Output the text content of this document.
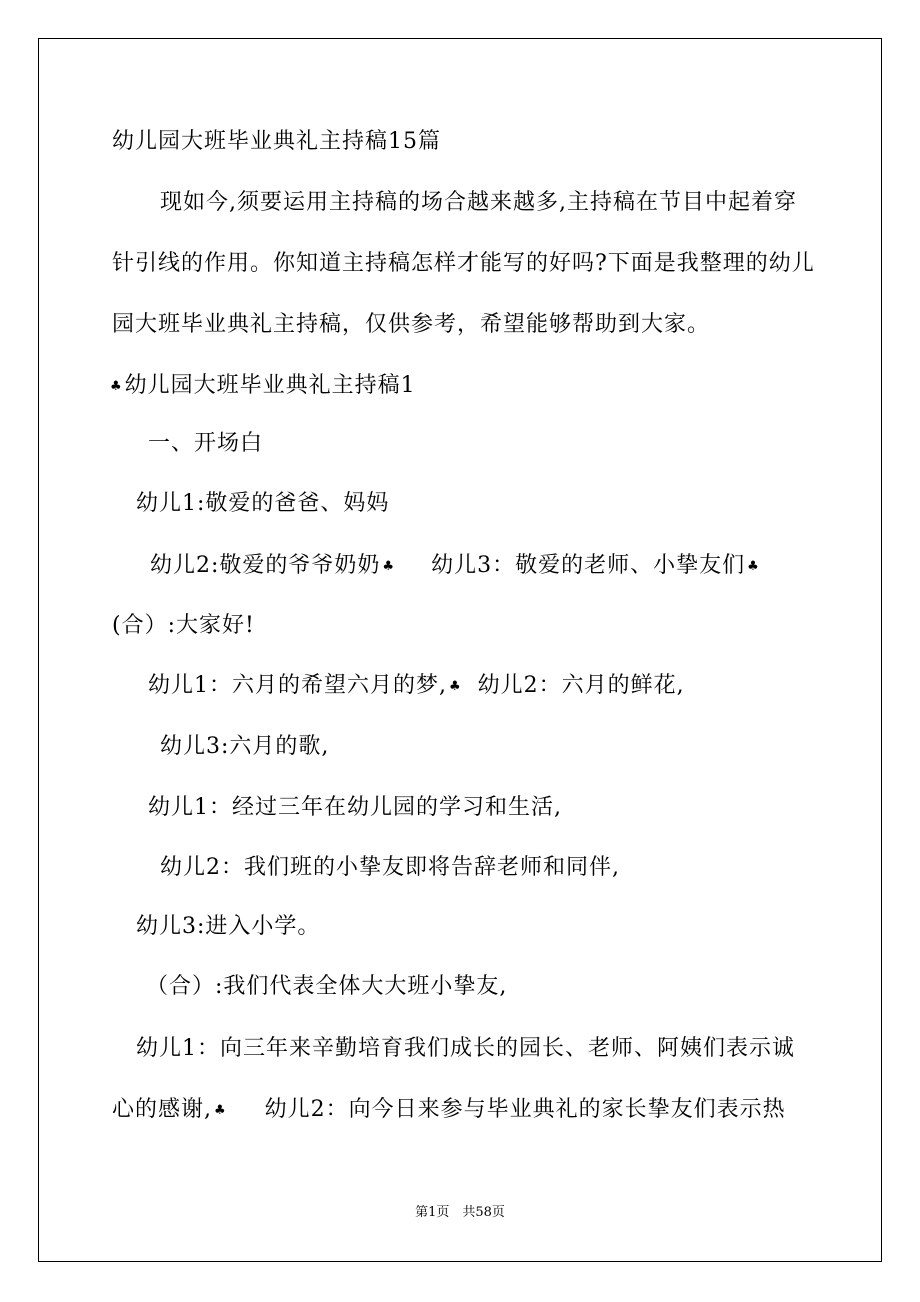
幼儿园大班毕业典礼主持稿15篇
现如今,须要运用主持稿的场合越来越多,主持稿在节目中起着穿
针引线的作用。你知道主持稿怎样才能写的好吗?下面是我整理的幼儿
园大班毕业典礼主持稿，仅供参考，希望能够帮助到大家。
♣幼儿园大班毕业典礼主持稿1
一、开场白
幼儿1:敬爱的爸爸、妈妈
幼儿2:敬爱的爷爷奶奶 ♣ 幼儿3：敬爱的老师、小挚友们 ♣
(合）:大家好!
幼儿1：六月的希望六月的梦, ♣ 幼儿2：六月的鲜花,
幼儿3:六月的歌,
幼儿1：经过三年在幼儿园的学习和生活,
幼儿2：我们班的小挚友即将告辞老师和同伴,
幼儿3:进入小学。
（合）:我们代表全体大大班小挚友,
幼儿1：向三年来辛勤培育我们成长的园长、老师、阿姨们表示诚
心的感谢, ♣ 幼儿2：向今日来参与毕业典礼的家长挚友们表示热
第1页　共58页
